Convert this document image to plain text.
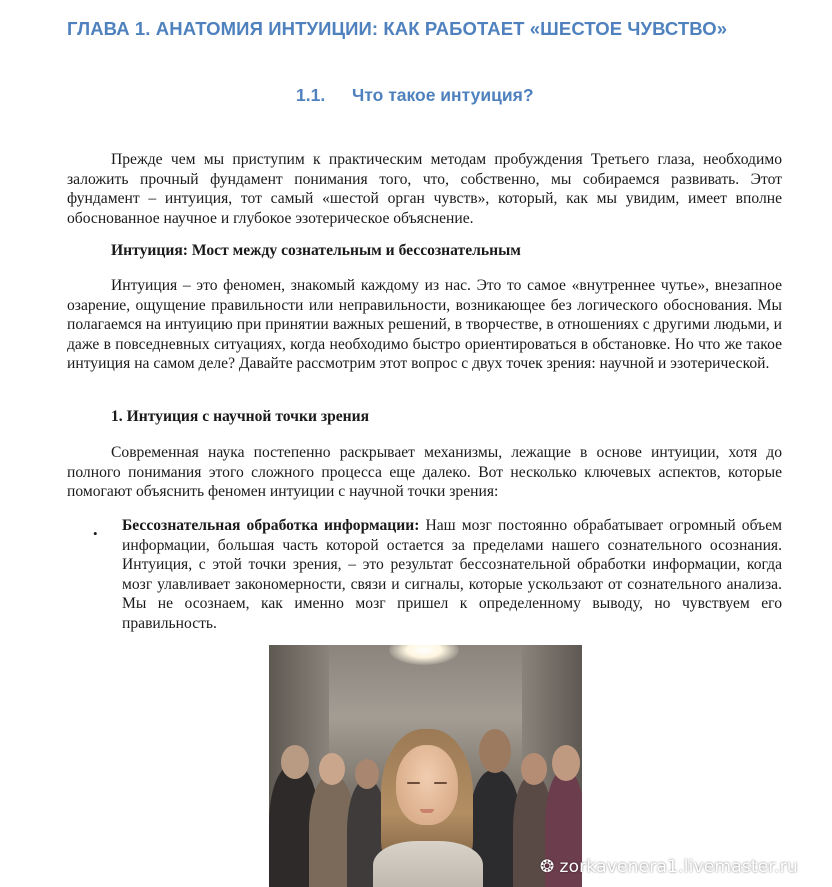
ГЛАВА 1. АНАТОМИЯ ИНТУИЦИИ: КАК РАБОТАЕТ «ШЕСТОЕ ЧУВСТВО»
1.1. Что такое интуиция?

Прежде чем мы приступим к практическим методам пробуждения Третьего глаза, необходимо заложить прочный фундамент понимания того, что, собственно, мы собираемся развивать. Этот фундамент – интуиция, тот самый «шестой орган чувств», который, как мы увидим, имеет вполне обоснованное научное и глубокое эзотерическое объяснение.

Интуиция: Мост между сознательным и бессознательным

Интуиция – это феномен, знакомый каждому из нас. Это то самое «внутреннее чутье», внезапное озарение, ощущение правильности или неправильности, возникающее без логического обоснования. Мы полагаемся на интуицию при принятии важных решений, в творчестве, в отношениях с другими людьми, и даже в повседневных ситуациях, когда необходимо быстро ориентироваться в обстановке. Но что же такое интуиция на самом деле? Давайте рассмотрим этот вопрос с двух точек зрения: научной и эзотерической.

1. Интуиция с научной точки зрения

Современная наука постепенно раскрывает механизмы, лежащие в основе интуиции, хотя до полного понимания этого сложного процесса еще далеко. Вот несколько ключевых аспектов, которые помогают объяснить феномен интуиции с научной точки зрения:

• Бессознательная обработка информации: Наш мозг постоянно обрабатывает огромный объем информации, большая часть которой остается за пределами нашего сознательного осознания. Интуиция, с этой точки зрения, – это результат бессознательной обработки информации, когда мозг улавливает закономерности, связи и сигналы, которые ускользают от сознательного анализа. Мы не осознаем, как именно мозг пришел к определенному выводу, но чувствуем его правильность.
❂ zorkavenera1.livemaster.ru
